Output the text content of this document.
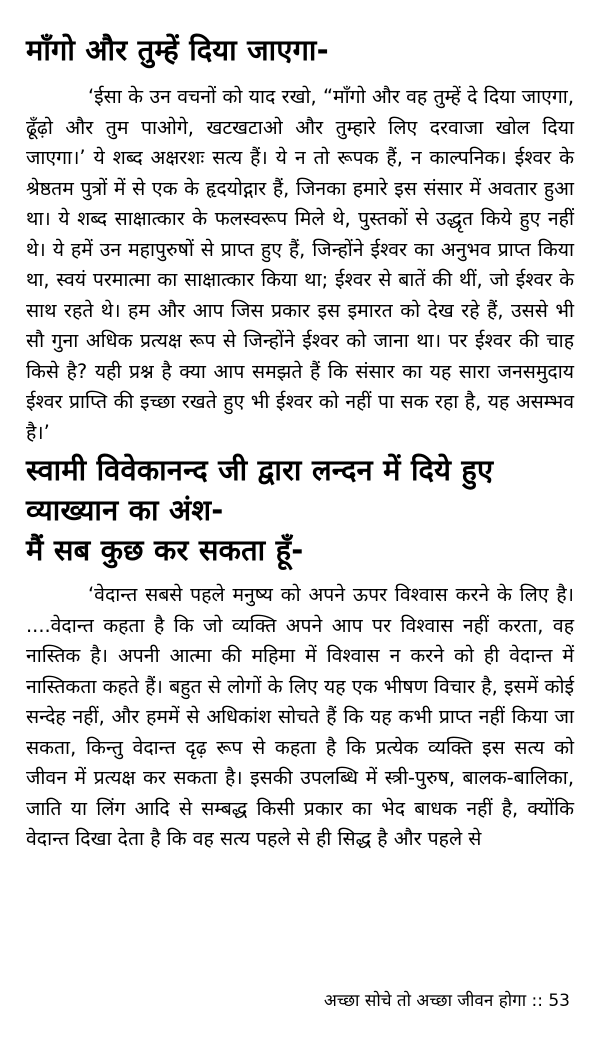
माँगो और तुम्हें दिया जाएगा-

‘ईसा के उन वचनों को याद रखो, “माँगो और वह तुम्हें दे दिया जाएगा, ढूँढ़ो और तुम पाओगे, खटखटाओ और तुम्हारे लिए दरवाजा खोल दिया जाएगा।’ ये शब्द अक्षरशः सत्य हैं। ये न तो रूपक हैं, न काल्पनिक। ईश्वर के श्रेष्ठतम पुत्रों में से एक के हृदयोद्गार हैं, जिनका हमारे इस संसार में अवतार हुआ था। ये शब्द साक्षात्कार के फलस्वरूप मिले थे, पुस्तकों से उद्धृत किये हुए नहीं थे। ये हमें उन महापुरुषों से प्राप्त हुए हैं, जिन्होंने ईश्वर का अनुभव प्राप्त किया था, स्वयं परमात्मा का साक्षात्कार किया था; ईश्वर से बातें की थीं, जो ईश्वर के साथ रहते थे। हम और आप जिस प्रकार इस इमारत को देख रहे हैं, उससे भी सौ गुना अधिक प्रत्यक्ष रूप से जिन्होंने ईश्वर को जाना था। पर ईश्वर की चाह किसे है? यही प्रश्न है क्या आप समझते हैं कि संसार का यह सारा जनसमुदाय ईश्वर प्राप्ति की इच्छा रखते हुए भी ईश्वर को नहीं पा सक रहा है, यह असम्भव है।’

स्वामी विवेकानन्द जी द्वारा लन्दन में दिये हुए व्याख्यान का अंश-
मैं सब कुछ कर सकता हूँ-

‘वेदान्त सबसे पहले मनुष्य को अपने ऊपर विश्वास करने के लिए है। ....वेदान्त कहता है कि जो व्यक्ति अपने आप पर विश्वास नहीं करता, वह नास्तिक है। अपनी आत्मा की महिमा में विश्वास न करने को ही वेदान्त में नास्तिकता कहते हैं। बहुत से लोगों के लिए यह एक भीषण विचार है, इसमें कोई सन्देह नहीं, और हममें से अधिकांश सोचते हैं कि यह कभी प्राप्त नहीं किया जा सकता, किन्तु वेदान्त दृढ़ रूप से कहता है कि प्रत्येक व्यक्ति इस सत्य को जीवन में प्रत्यक्ष कर सकता है। इसकी उपलब्धि में स्त्री-पुरुष, बालक-बालिका, जाति या लिंग आदि से सम्बद्ध किसी प्रकार का भेद बाधक नहीं है, क्योंकि वेदान्त दिखा देता है कि वह सत्य पहले से ही सिद्ध है और पहले से

अच्छा सोचे तो अच्छा जीवन होगा :: 53
